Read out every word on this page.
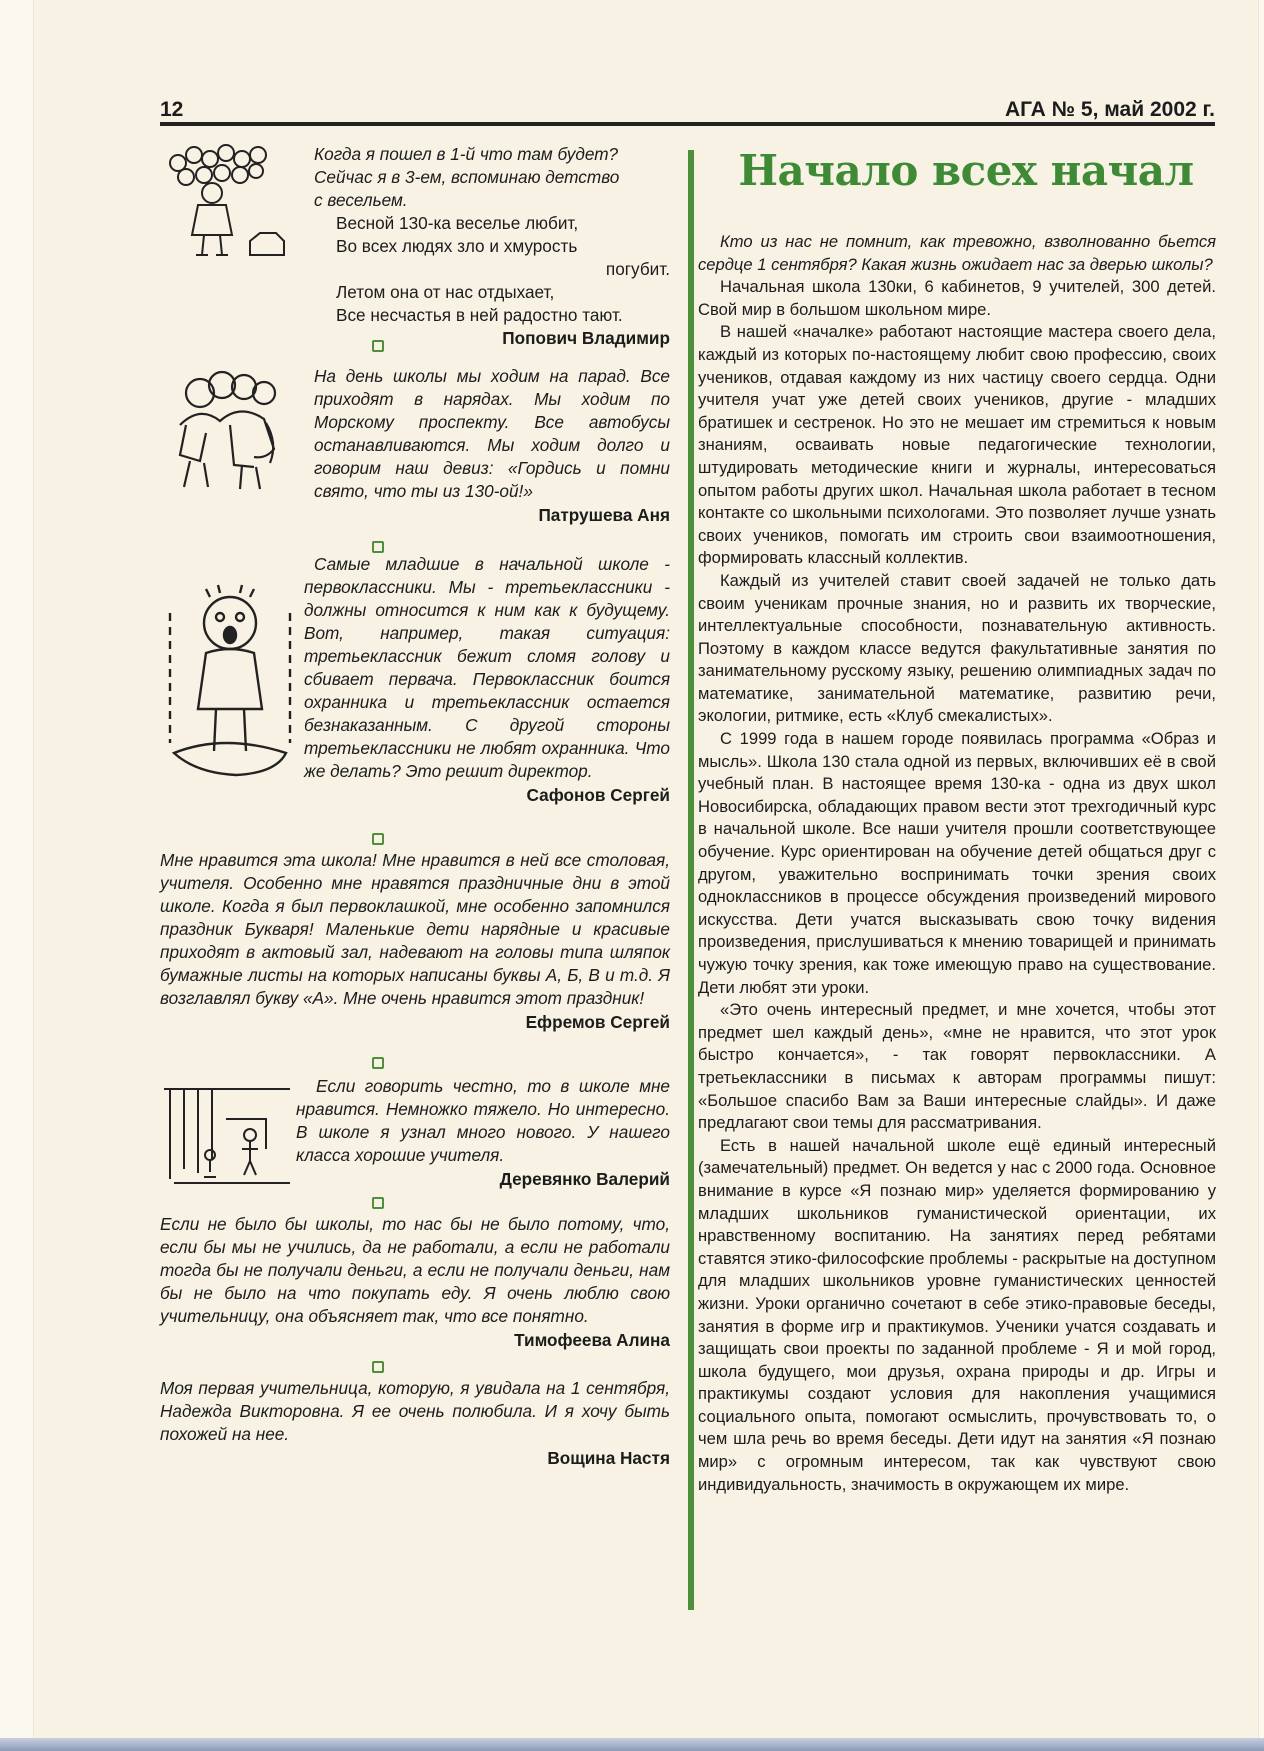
12	АГА № 5, май 2002 г.

Когда я пошел в 1-й что там будет?

Сейчас я в 3-ем, вспоминаю детство

с весельем.

Весной 130-ка веселье любит,

Во всех людях зло и хмурость

погубит.

Летом она от нас отдыхает,

Все несчастья в ней радостно тают.

Попович Владимир

На день школы мы ходим на парад. Все приходят в нарядах. Мы ходим по Морскому проспекту. Все автобусы останавливаются. Мы ходим долго и говорим наш девиз: «Гордись и помни свято, что ты из 130-ой!»

Патрушева Аня

Самые младшие в начальной школе - первоклассники. Мы - третьеклассники - должны относится к ним как к будущему. Вот, например, такая ситуация: третьеклассник бежит сломя голову и сбивает первача. Первоклассник боится охранника и третьеклассник остается безнаказанным. С другой стороны третьеклассники не любят охранника. Что же делать? Это решит директор.

Сафонов Сергей

Мне нравится эта школа! Мне нравится в ней все столовая, учителя. Особенно мне нравятся праздничные дни в этой школе. Когда я был первоклашкой, мне особенно запомнился праздник Букваря! Маленькие дети нарядные и красивые приходят в актовый зал, надевают на головы типа шляпок бумажные листы на которых написаны буквы А, Б, В и т.д. Я возглавлял букву «А». Мне очень нравится этот праздник!

Ефремов Сергей

Если говорить честно, то в школе мне нравится. Немножко тяжело. Но интересно. В школе я узнал много нового. У нашего класса хорошие учителя.

Деревянко Валерий

Если не было бы школы, то нас бы не было потому, что, если бы мы не учились, да не работали, а если не работали тогда бы не получали деньги, а если не получали деньги, нам бы не было на что покупать еду. Я очень люблю свою учительницу, она объясняет так, что все понятно.

Тимофеева Алина

Моя первая учительница, которую, я увидала на 1 сентября, Надежда Викторовна. Я ее очень полюбила. И я хочу быть похожей на нее.

Вощина Настя

Начало всех начал

Кто из нас не помнит, как тревожно, взволнованно бьется сердце 1 сентября? Какая жизнь ожидает нас за дверью школы?

Начальная школа 130ки, 6 кабинетов, 9 учителей, 300 детей. Свой мир в большом школьном мире.

В нашей «началке» работают настоящие мастера своего дела, каждый из которых по-настоящему любит свою профессию, своих учеников, отдавая каждому из них частицу своего сердца. Одни учителя учат уже детей своих учеников, другие - младших братишек и сестренок. Но это не мешает им стремиться к новым знаниям, осваивать новые педагогические технологии, штудировать методические книги и журналы, интересоваться опытом работы других школ. Начальная школа работает в тесном контакте со школьными психологами. Это позволяет лучше узнать своих учеников, помогать им строить свои взаимоотношения, формировать классный коллектив.

Каждый из учителей ставит своей задачей не только дать своим ученикам прочные знания, но и развить их творческие, интеллектуальные способности, познавательную активность. Поэтому в каждом классе ведутся факультативные занятия по занимательному русскому языку, решению олимпиадных задач по математике, занимательной математике, развитию речи, экологии, ритмике, есть «Клуб смекалистых».

С 1999 года в нашем городе появилась программа «Образ и мысль». Школа 130 стала одной из первых, включивших её в свой учебный план. В настоящее время 130-ка - одна из двух школ Новосибирска, обладающих правом вести этот трехгодичный курс в начальной школе. Все наши учителя прошли соответствующее обучение. Курс ориентирован на обучение детей общаться друг с другом, уважительно воспринимать точки зрения своих одноклассников в процессе обсуждения произведений мирового искусства. Дети учатся высказывать свою точку видения произведения, прислушиваться к мнению товарищей и принимать чужую точку зрения, как тоже имеющую право на существование. Дети любят эти уроки.

«Это очень интересный предмет, и мне хочется, чтобы этот предмет шел каждый день», «мне не нравится, что этот урок быстро кончается», - так говорят первоклассники. А третьеклассники в письмах к авторам программы пишут: «Большое спасибо Вам за Ваши интересные слайды». И даже предлагают свои темы для рассматривания.

Есть в нашей начальной школе ещё единый интересный (замечательный) предмет. Он ведется у нас с 2000 года. Основное внимание в курсе «Я познаю мир» уделяется формированию у младших школьников гуманистической ориентации, их нравственному воспитанию. На занятиях перед ребятами ставятся этико-философские проблемы - раскрытые на доступном для младших школьников уровне гуманистических ценностей жизни. Уроки органично сочетают в себе этико-правовые беседы, занятия в форме игр и практикумов. Ученики учатся создавать и защищать свои проекты по заданной проблеме - Я и мой город, школа будущего, мои друзья, охрана природы и др. Игры и практикумы создают условия для накопления учащимися социального опыта, помогают осмыслить, прочувствовать то, о чем шла речь во время беседы. Дети идут на занятия «Я познаю мир» с огромным интересом, так как чувствуют свою индивидуальность, значимость в окружающем их мире.
